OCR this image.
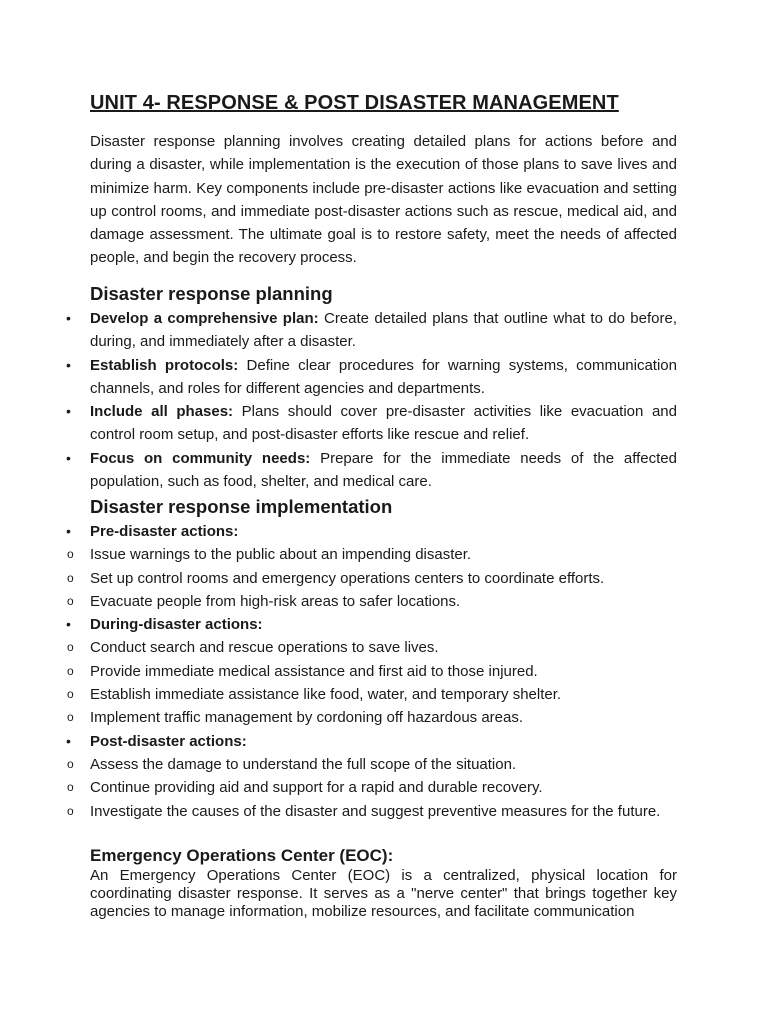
UNIT 4- RESPONSE & POST DISASTER MANAGEMENT

Disaster response planning involves creating detailed plans for actions before and during a disaster, while implementation is the execution of those plans to save lives and minimize harm. Key components include pre-disaster actions like evacuation and setting up control rooms, and immediate post-disaster actions such as rescue, medical aid, and damage assessment. The ultimate goal is to restore safety, meet the needs of affected people, and begin the recovery process.

Disaster response planning
•	Develop a comprehensive plan: Create detailed plans that outline what to do before, during, and immediately after a disaster.
•	Establish protocols: Define clear procedures for warning systems, communication channels, and roles for different agencies and departments.
•	Include all phases: Plans should cover pre-disaster activities like evacuation and control room setup, and post-disaster efforts like rescue and relief.
•	Focus on community needs: Prepare for the immediate needs of the affected population, such as food, shelter, and medical care.
Disaster response implementation
•	Pre-disaster actions:
o Issue warnings to the public about an impending disaster.
o Set up control rooms and emergency operations centers to coordinate efforts.
o Evacuate people from high-risk areas to safer locations.
•	During-disaster actions:
o Conduct search and rescue operations to save lives.
o Provide immediate medical assistance and first aid to those injured.
o Establish immediate assistance like food, water, and temporary shelter.
o Implement traffic management by cordoning off hazardous areas.
•	Post-disaster actions:
o Assess the damage to understand the full scope of the situation.
o Continue providing aid and support for a rapid and durable recovery.
o Investigate the causes of the disaster and suggest preventive measures for the future.
Emergency Operations Center (EOC):

An Emergency Operations Center (EOC) is a centralized, physical location for coordinating disaster response. It serves as a "nerve center" that brings together key agencies to manage information, mobilize resources, and facilitate communication
